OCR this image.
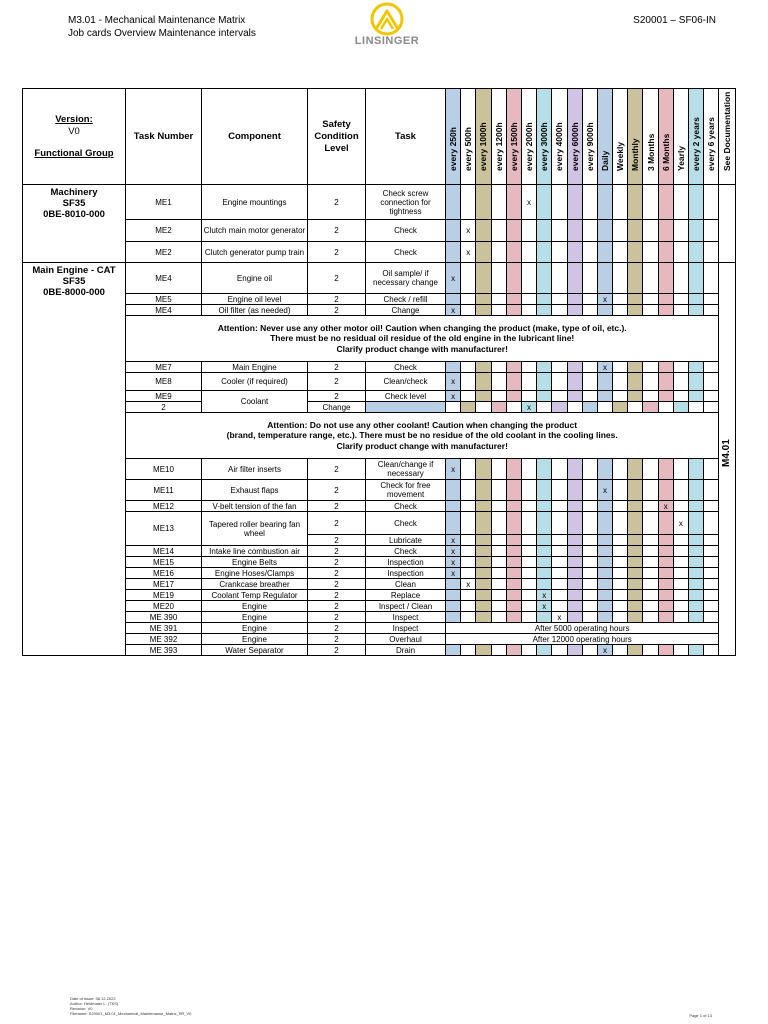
M3.01 - Mechanical Maintenance Matrix
Job cards Overview Maintenance intervals
LINSINGER
S20001 – SF06-IN
Version:
V0
Functional Group	Task Number	Component	Safety Condition Level	Task	every 250h	every 500h	every 1000h	every 1200h	every 1500h	every 2000h	every 3000h	every 4000h	every 6000h	every 9000h	Daily	Weekly	Monthly	3 Months	6 Months	Yearly	every 2 years	every 6 years	See Documentation

Machinery
SF35
0BE-8010-000	ME1	Engine mountings	2	Check screw connection for tightness						x													
	ME2	Clutch main motor generator	2	Check		x																	
	ME2	Clutch generator pump train	2	Check		x																	

Main Engine - CAT
SF35
0BE-8000-000	ME4	Engine oil	2	Oil sample/ if necessary change	x																		M4.01

	ME5	Engine oil level	2	Check / refill											x								
	ME4	Oil filter (as needed)	2	Change	x																		

	Attention: Never use any other motor oil! Caution when changing the product (make, type of oil, etc.).
There must be no residual oil residue of the old engine in the lubricant line!
Clarify product change with manufacturer!																						

	ME7	Main Engine	2	Check											x								
	ME8	Cooler (if required)	2	Clean/check	x																		
	ME9	Coolant	2	Check level	x																		
	2		Change							x													

	Attention: Do not use any other coolant! Caution when changing the product
(brand, temperature range, etc.). There must be no residue of the old coolant in the cooling lines.
Clarify product change with manufacturer!																						

	ME10	Air filter inserts	2	Clean/change if necessary	x																		
	ME11	Exhaust flaps	2	Check for free movement											x								
	ME12	V-belt tension of the fan	2	Check															x				
	ME13	Tapered roller bearing fan wheel	2	Check																x			
			2	Lubricate	x																		
	ME14	Intake line combustion air	2	Check	x																		
	ME15	Engine Belts	2	Inspection	x																		
	ME16	Engine Hoses/Clamps	2	Inspection	x																		
	ME17	Crankcase breather	2	Clean		x																	
	ME19	Coolant Temp Regulator	2	Replace							x												
	ME20	Engine	2	Inspect / Clean							x												
	ME 390	Engine	2	Inspect								x											
	ME 391	Engine	2	Inspect	After 5000 operating hours																		
	ME 392	Engine	2	Overhaul	After 12000 operating hours																		
	ME 393	Water Separator	2	Drain											x								
Date of issue: 08.12.2022
Author: Heldmaier L. (TKS)
Revision: V0
Filename: S20001_M3.01_Mechanical_Maintenance_Matrix_SR_V0	Page 1 of 13
